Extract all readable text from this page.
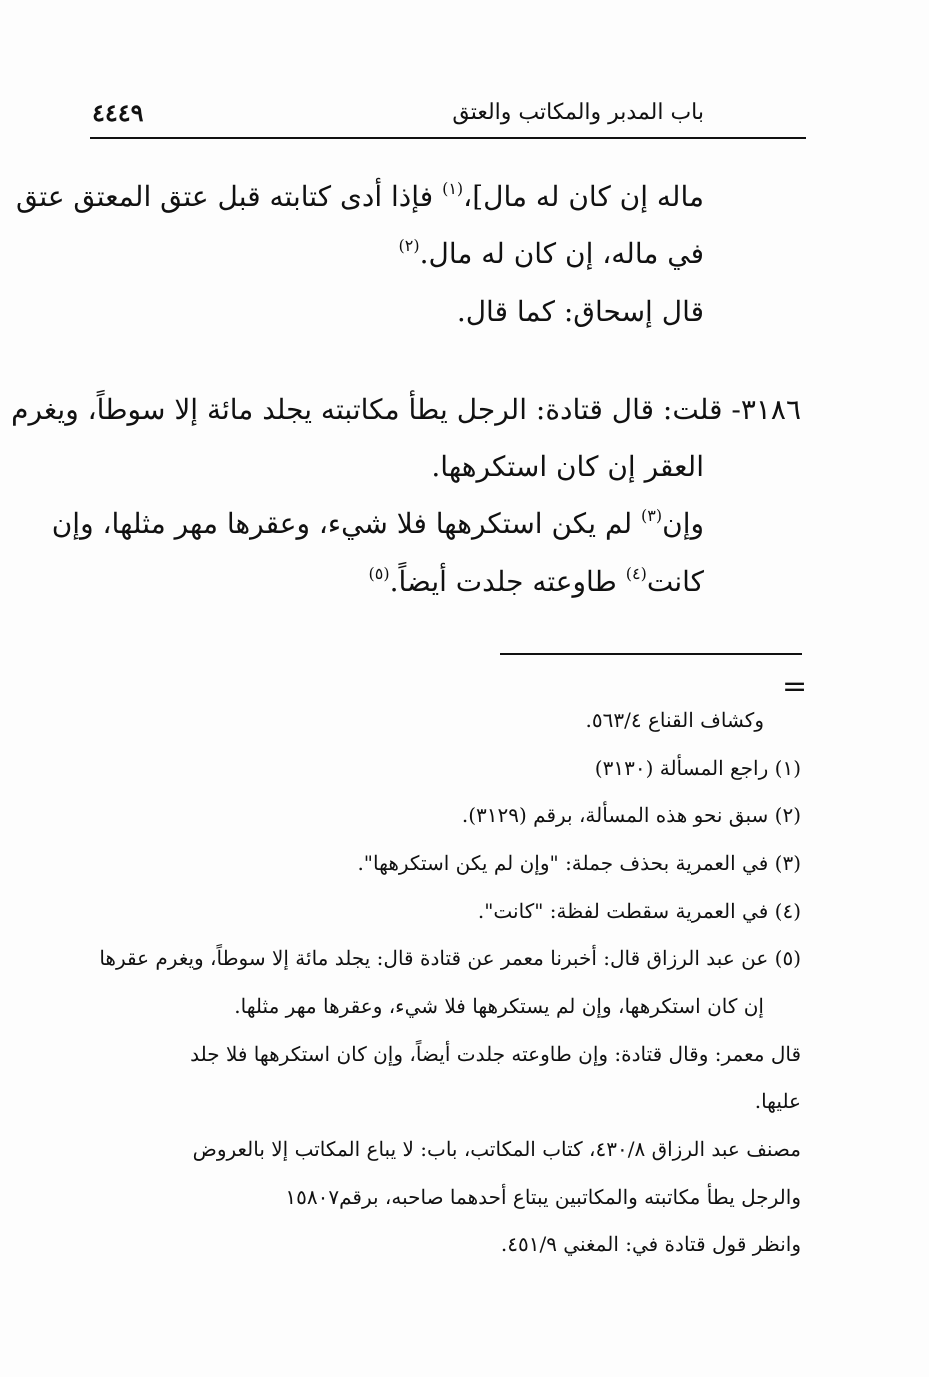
باب المدبر والمكاتب والعتق
٤٤٤٩
ماله إن كان له مال]،$^{(١)}$ فإذا أدى كتابته قبل عتق المعتق عتق
في ماله، إن كان له مال.$^{(٢)}$
قال إسحاق: كما قال.
٣١٨٦- قلت: قال قتادة: الرجل يطأ مكاتبته يجلد مائة إلا سوطاً، ويغرم
العقر إن كان استكرهها.
وإن$^{(٣)}$ لم يكن استكرهها فلا شيء، وعقرها مهر مثلها، وإن
كانت$^{(٤)}$ طاوعته جلدت أيضاً.$^{(٥)}$
=
وكشاف القناع ٥٦٣/٤.
(١) راجع المسألة (٣١٣٠)
(٢) سبق نحو هذه المسألة، برقم (٣١٢٩).
(٣) في العمرية بحذف جملة: "وإن لم يكن استكرهها".
(٤) في العمرية سقطت لفظة: "كانت".
(٥) عن عبد الرزاق قال: أخبرنا معمر عن قتادة قال: يجلد مائة إلا سوطاً، ويغرم عقرها
إن كان استكرهها، وإن لم يستكرهها فلا شيء، وعقرها مهر مثلها.
قال معمر: وقال قتادة: وإن طاوعته جلدت أيضاً، وإن كان استكرهها فلا جلد
عليها.
مصنف عبد الرزاق ٤٣٠/٨، كتاب المكاتب، باب: لا يباع المكاتب إلا بالعروض
والرجل يطأ مكاتبته والمكاتبين يبتاع أحدهما صاحبه، برقم١٥٨٠٧
وانظر قول قتادة في: المغني ٤٥١/٩.
